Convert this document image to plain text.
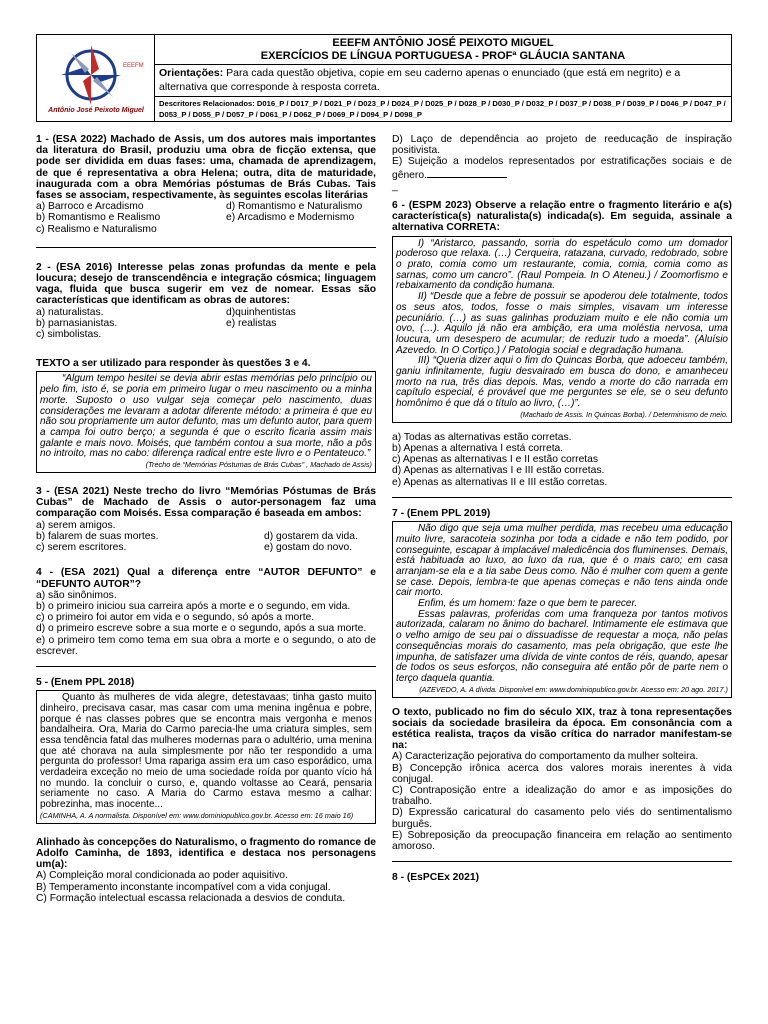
EEEFM
Antônio José Peixoto Miguel
EEEFM ANTÔNIO JOSÉ PEIXOTO MIGUEL
EXERCÍCIOS DE LÍNGUA PORTUGUESA - PROFª GLÁUCIA SANTANA
Orientações: Para cada questão objetiva, copie em seu caderno apenas o enunciado (que está em negrito) e a alternativa que corresponde à resposta correta.
Descritores Relacionados: D016_P / D017_P / D021_P / D023_P / D024_P / D025_P / D028_P / D030_P / D032_P / D037_P / D038_P / D039_P / D046_P / D047_P / D053_P / D055_P / D057_P / D061_P / D062_P / D069_P / D094_P / D098_P

1 - (ESA 2022) Machado de Assis, um dos autores mais importantes da literatura do Brasil, produziu uma obra de ficção extensa, que pode ser dividida em duas fases: uma, chamada de aprendizagem, de que é representativa a obra Helena; outra, dita de maturidade, inaugurada com a obra Memórias póstumas de Brás Cubas. Tais fases se associam, respectivamente, às seguintes escolas literárias

a) Barroco e Arcadismo	d) Romantismo e Naturalismo
b) Romantismo e Realismo	e) Arcadismo e Modernismo
c) Realismo e Naturalismo

2 - (ESA 2016) Interesse pelas zonas profundas da mente e pela loucura; desejo de transcendência e integração cósmica; linguagem vaga, fluida que busca sugerir em vez de nomear. Essas são características que identificam as obras de autores:

a) naturalistas.	d)quinhentistas
b) parnasianistas.	e) realistas
c) simbolistas.

TEXTO a ser utilizado para responder às questões 3 e 4.

“Algum tempo hesitei se devia abrir estas memórias pelo princípio ou pelo fim, isto é, se poria em primeiro lugar o meu nascimento ou a minha morte. Suposto o uso vulgar seja começar pelo nascimento, duas considerações me levaram a adotar diferente método: a primeira é que eu não sou propriamente um autor defunto, mas um defunto autor, para quem a campa foi outro berço; a segunda é que o escrito ficaria assim mais galante e mais novo. Moisés, que também contou a sua morte, não a pôs no introito, mas no cabo: diferença radical entre este livro e o Pentateuco.”

(Trecho de “Memórias Póstumas de Brás Cubas” , Machado de Assis)

3 - (ESA 2021) Neste trecho do livro “Memórias Póstumas de Brás Cubas” de Machado de Assis o autor-personagem faz uma comparação com Moisés. Essa comparação é baseada em ambos:

a) serem amigos.

b) falarem de suas mortes.	d) gostarem da vida.
c) serem escritores.	e) gostam do novo.

4 - (ESA 2021) Qual a diferença entre “AUTOR DEFUNTO” e “DEFUNTO AUTOR”?

a) são sinônimos.

b) o primeiro iniciou sua carreira após a morte e o segundo, em vida.

c) o primeiro foi autor em vida e o segundo, só após a morte.

d) o primeiro escreve sobre a sua morte e o segundo, após a sua morte.

e) o primeiro tem como tema em sua obra a morte e o segundo, o ato de escrever.

5 - (Enem PPL 2018)

Quanto às mulheres de vida alegre, detestavaas; tinha gasto muito dinheiro, precisava casar, mas casar com uma menina ingênua e pobre, porque é nas classes pobres que se encontra mais vergonha e menos bandalheira. Ora, Maria do Carmo parecia-lhe uma criatura simples, sem essa tendência fatal das mulheres modernas para o adultério, uma menina que até chorava na aula simplesmente por não ter respondido a uma pergunta do professor! Uma rapariga assim era um caso esporádico, uma verdadeira exceção no meio de uma sociedade roída por quanto vício há no mundo. Ia concluir o curso, e, quando voltasse ao Ceará, pensaria seriamente no caso. A Maria do Carmo estava mesmo a calhar: pobrezinha, mas inocente...

(CAMINHA, A. A normalista. Disponível em: www.dominiopublico.gov.br. Acesso em: 16 maio 16)

Alinhado às concepções do Naturalismo, o fragmento do romance de Adolfo Caminha, de 1893, identifica e destaca nos personagens um(a):

A) Compleição moral condicionada ao poder aquisitivo.

B) Temperamento inconstante incompatível com a vida conjugal.

C) Formação intelectual escassa relacionada a desvios de conduta.

D) Laço de dependência ao projeto de reeducação de inspiração positivista.

E) Sujeição a modelos representados por estratificações sociais e de gênero.

_

6 - (ESPM 2023) Observe a relação entre o fragmento literário e a(s) característica(s) naturalista(s) indicada(s). Em seguida, assinale a alternativa CORRETA:

I) “Aristarco, passando, sorria do espetáculo como um domador poderoso que relaxa. (…) Cerqueira, ratazana, curvado, redobrado, sobre o prato, comia como um restaurante, comia, comia, comia como as sarnas, como um cancro”. (Raul Pompeia. In O Ateneu.) / Zoomorfismo e rebaixamento da condição humana.

II) “Desde que a febre de possuir se apoderou dele totalmente, todos os seus atos, todos, fosse o mais simples, visavam um interesse pecuniário. (…) as suas galinhas produziam muito e ele não comia um ovo, (…). Aquilo já não era ambição, era uma moléstia nervosa, uma loucura, um desespero de acumular; de reduzir tudo a moeda”. (Aluísio Azevedo. In O Cortiço.) / Patologia social e degradação humana.

III) “Queria dizer aqui o fim do Quincas Borba, que adoeceu também, ganiu infinitamente, fugiu desvairado em busca do dono, e amanheceu morto na rua, três dias depois. Mas, vendo a morte do cão narrada em capítulo especial, é provável que me perguntes se ele, se o seu defunto homônimo é que dá o título ao livro, (…)”.

(Machado de Assis. In Quincas Borba). / Determinismo de meio.

a) Todas as alternativas estão corretas.

b) Apenas a alternativa I está correta.

c) Apenas as alternativas I e II estão corretas

d) Apenas as alternativas I e III estão corretas.

e) Apenas as alternativas II e III estão corretas.

7 - (Enem PPL 2019)

Não digo que seja uma mulher perdida, mas recebeu uma educação muito livre, saracoteia sozinha por toda a cidade e não tem podido, por conseguinte, escapar à implacável maledicência dos fluminenses. Demais, está habituada ao luxo, ao luxo da rua, que é o mais caro; em casa arranjam-se ela e a tia sabe Deus como. Não é mulher com quem a gente se case. Depois, lembra-te que apenas começas e não tens ainda onde cair morto.

Enfim, és um homem: faze o que bem te parecer.

Essas palavras, proferidas com uma franqueza por tantos motivos autorizada, calaram no ânimo do bacharel. Intimamente ele estimava que o velho amigo de seu pai o dissuadisse de requestar a moça, não pelas consequências morais do casamento, mas pela obrigação, que este lhe impunha, de satisfazer uma dívida de vinte contos de réis, quando, apesar de todos os seus esforços, não conseguira até então pôr de parte nem o terço daquela quantia.

(AZEVEDO, A. A dívida. Disponível em: www.dominiopublico.gov.br. Acesso em: 20 ago. 2017.)

O texto, publicado no fim do século XIX, traz à tona representações sociais da sociedade brasileira da época. Em consonância com a estética realista, traços da visão crítica do narrador manifestam-se na:

A) Caracterização pejorativa do comportamento da mulher solteira.

B) Concepção irônica acerca dos valores morais inerentes à vida conjugal.

C) Contraposição entre a idealização do amor e as imposições do trabalho.

D) Expressão caricatural do casamento pelo viés do sentimentalismo burguês.

E) Sobreposição da preocupação financeira em relação ao sentimento amoroso.

8 - (EsPCEx 2021)
